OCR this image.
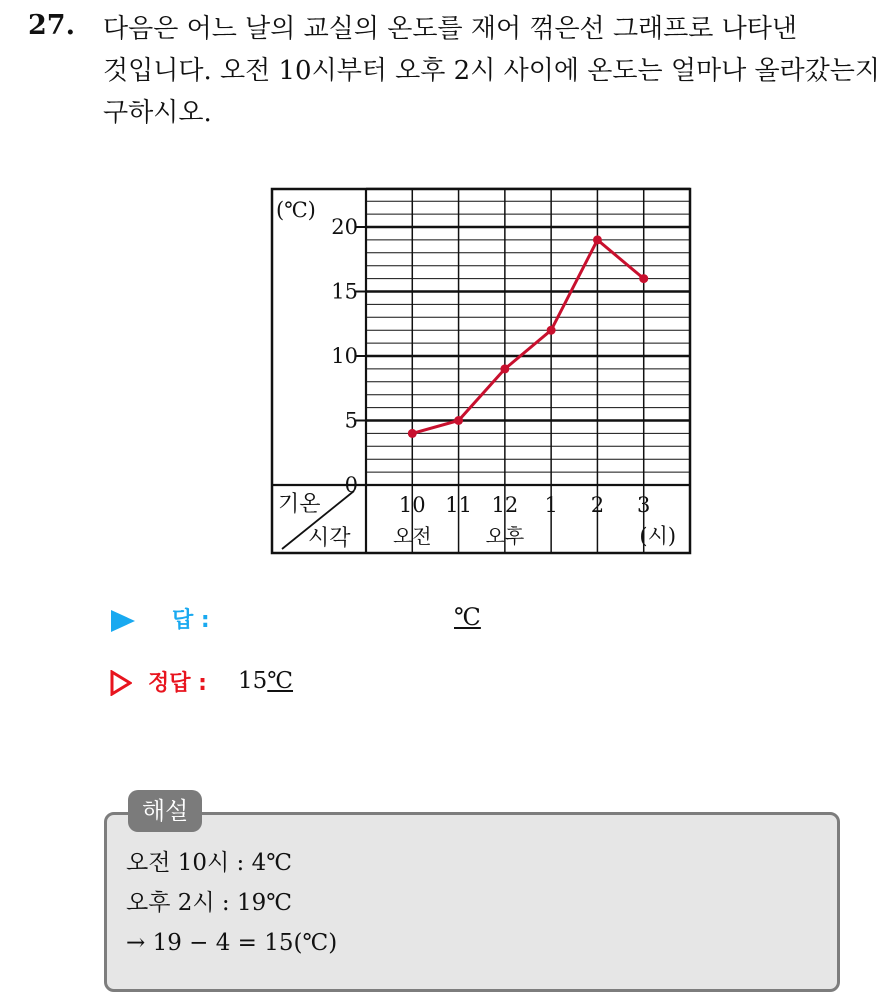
27. 다음은 어느 날의 교실의 온도를 재어 꺾은선 그래프로 나타낸
것입니다. 오전 10시부터 오후 2시 사이에 온도는 얼마나 올라갔는지
구하시오.
0
5
10
15
20
(℃)
기온
시각
10 11 12 1 2 3
오전	오후	(시)
답 :	℃
정답 : 15℃
해설
오전 10시 : 4℃
오후 2시 : 19℃
→ 19 − 4 = 15(℃)
